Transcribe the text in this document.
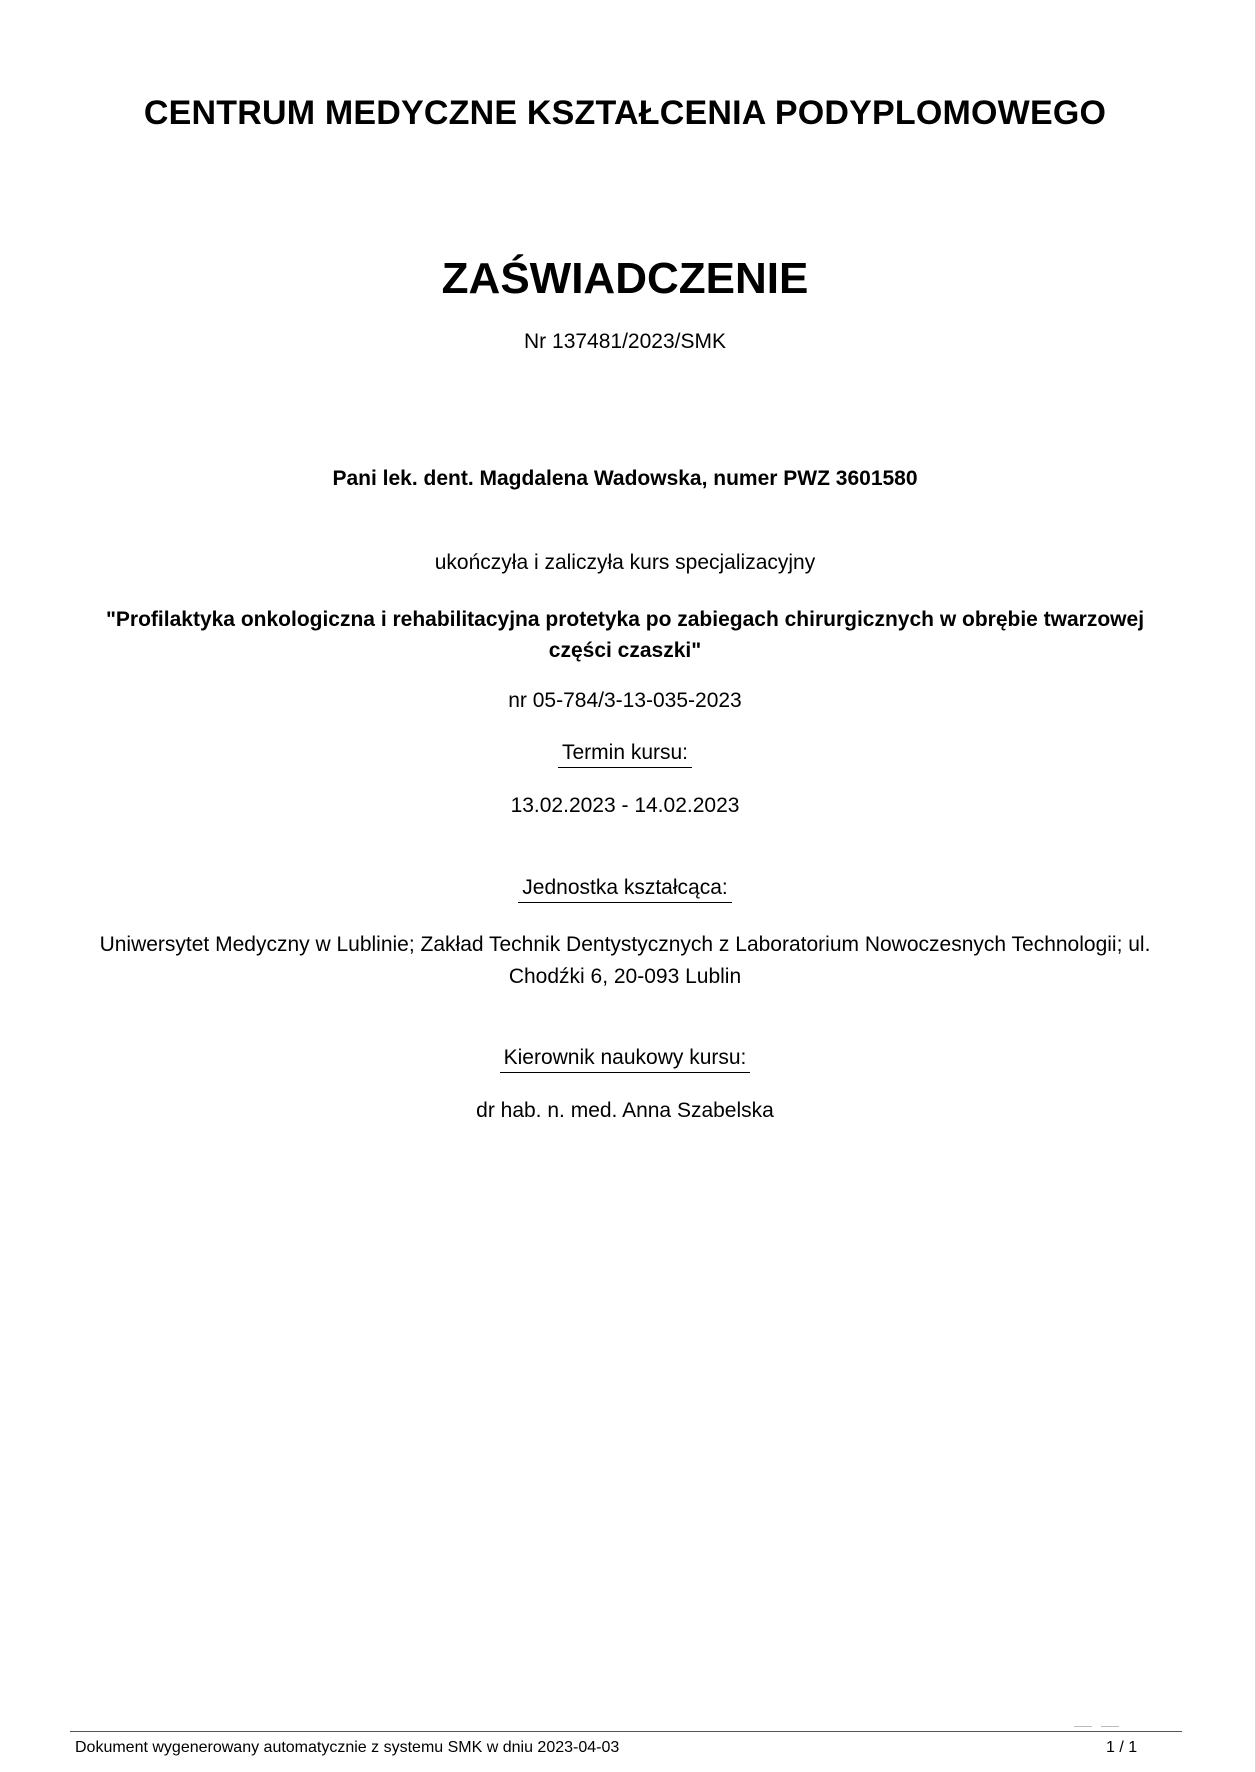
CENTRUM MEDYCZNE KSZTAŁCENIA PODYPLOMOWEGO
ZAŚWIADCZENIE
Nr 137481/2023/SMK
Pani lek. dent. Magdalena Wadowska, numer PWZ 3601580
ukończyła i zaliczyła kurs specjalizacyjny
"Profilaktyka onkologiczna i rehabilitacyjna protetyka po zabiegach chirurgicznych w obrębie twarzowej części czaszki"
nr 05-784/3-13-035-2023
Termin kursu:
13.02.2023 - 14.02.2023
Jednostka kształcąca:
Uniwersytet Medyczny w Lublinie; Zakład Technik Dentystycznych z Laboratorium Nowoczesnych Technologii; ul. Chodźki 6, 20-093 Lublin
Kierownik naukowy kursu:
dr hab. n. med. Anna Szabelska
Dokument wygenerowany automatycznie z systemu SMK w dniu 2023-04-03	1 / 1
